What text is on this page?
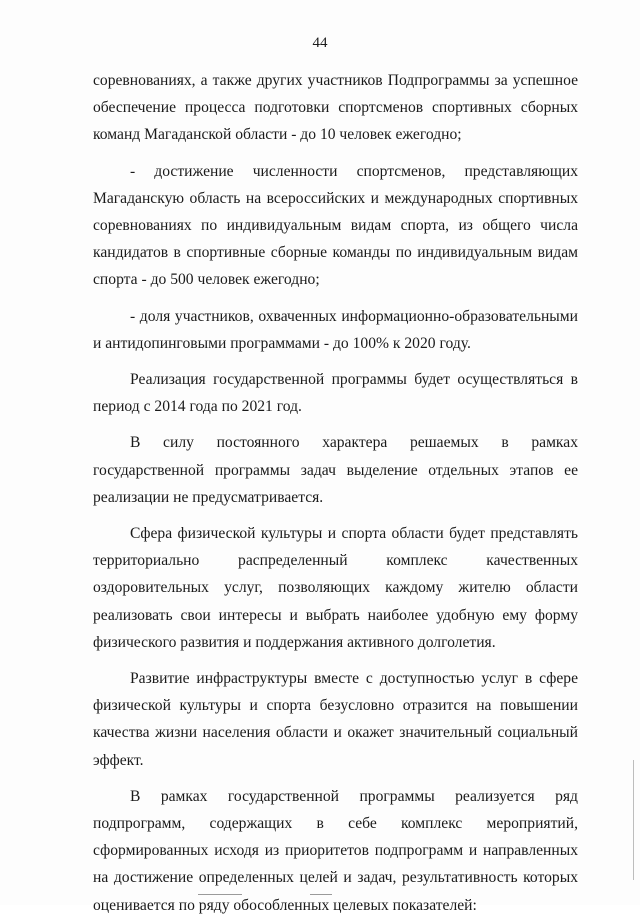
44

соревнованиях, а также других участников Подпрограммы за успешное обеспечение процесса подготовки спортсменов спортивных сборных команд Магаданской области - до 10 человек ежегодно;

- достижение численности спортсменов, представляющих Магаданскую область на всероссийских и международных спортивных соревнованиях по индивидуальным видам спорта, из общего числа кандидатов в спортивные сборные команды по индивидуальным видам спорта - до 500 человек ежегодно;

- доля участников, охваченных информационно-образовательными и антидопинговыми программами - до 100% к 2020 году.

Реализация государственной программы будет осуществляться в период с 2014 года по 2021 год.

В силу постоянного характера решаемых в рамках государственной программы задач выделение отдельных этапов ее реализации не предусматривается.

Сфера физической культуры и спорта области будет представлять территориально распределенный комплекс качественных оздоровительных услуг, позволяющих каждому жителю области реализовать свои интересы и выбрать наиболее удобную ему форму физического развития и поддержания активного долголетия.

Развитие инфраструктуры вместе с доступностью услуг в сфере физической культуры и спорта безусловно отразится на повышении качества жизни населения области и окажет значительный социальный эффект.

В рамках государственной программы реализуется ряд подпрограмм, содержащих в себе комплекс мероприятий, сформированных исходя из приоритетов подпрограмм и направленных на достижение определенных целей и задач, результативность которых оценивается по ряду обособленных целевых показателей:
